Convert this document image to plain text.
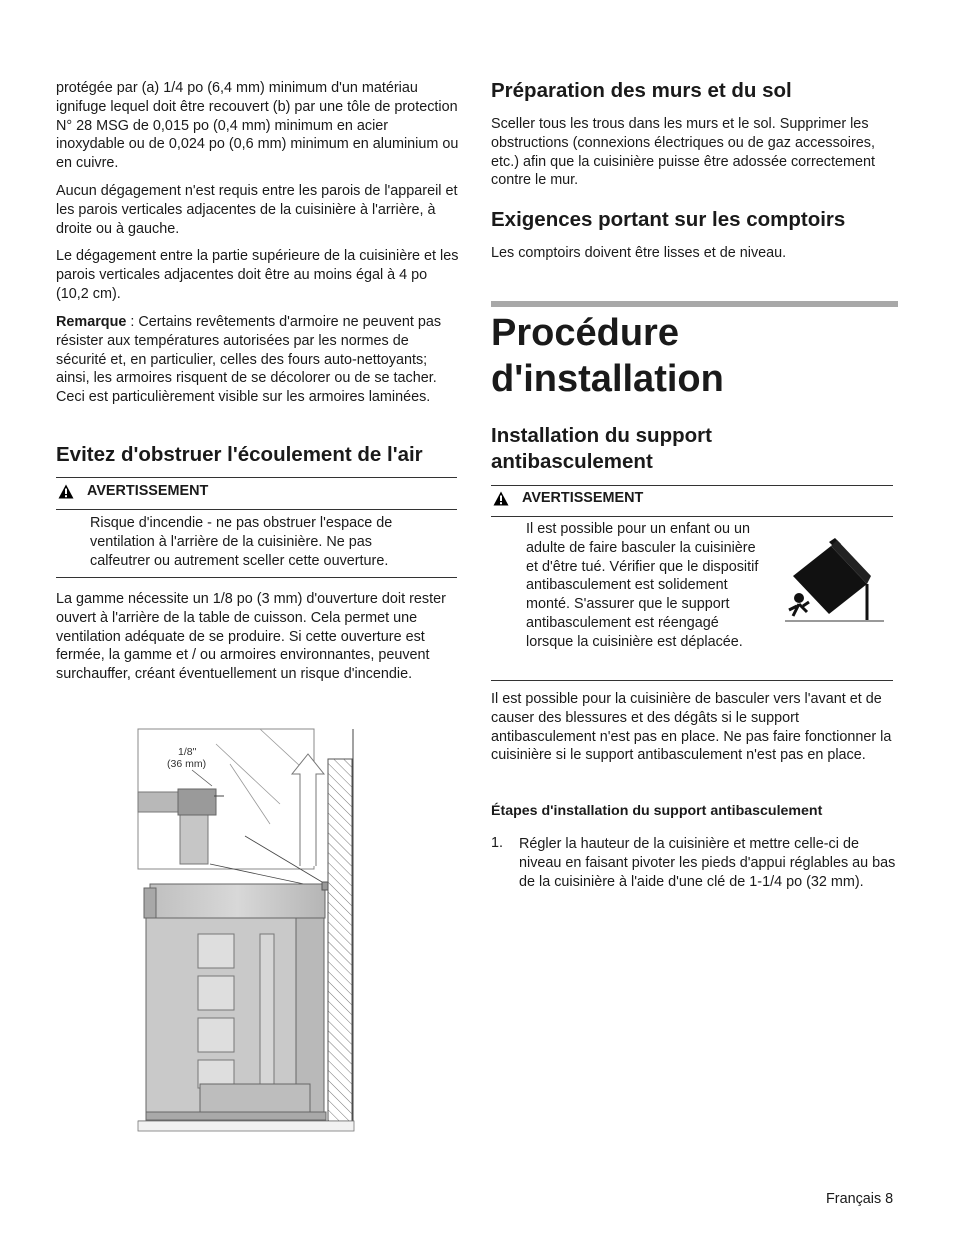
protégée par (a) 1/4 po (6,4 mm) minimum d'un matériau ignifuge lequel doit être recouvert (b) par une tôle de protection N° 28 MSG de 0,015 po (0,4 mm) minimum en acier inoxydable ou de 0,024 po (0,6 mm) minimum en aluminium ou en cuivre.

Aucun dégagement n'est requis entre les parois de l'appareil et les parois verticales adjacentes de la cuisinière à l'arrière, à droite ou à gauche.

Le dégagement entre la partie supérieure de la cuisinière et les parois verticales adjacentes doit être au moins égal à 4 po (10,2 cm).

Remarque : Certains revêtements d'armoire ne peuvent pas résister aux températures autorisées par les normes de sécurité et, en particulier, celles des fours auto-nettoyants; ainsi, les armoires risquent de se décolorer ou de se tacher. Ceci est particulièrement visible sur les armoires laminées.

Evitez d'obstruer l'écoulement de l'air
AVERTISSEMENT

Risque d'incendie - ne pas obstruer l'espace de ventilation à l'arrière de la cuisinière. Ne pas calfeutrer ou autrement sceller cette ouverture.

La gamme nécessite un 1/8 po (3 mm) d'ouverture doit rester ouvert à l'arrière de la table de cuisson. Cela permet une ventilation adéquate de se produire. Si cette ouverture est fermée, la gamme et / ou armoires environnantes, peuvent surchauffer, créant éventuellement un risque d'incendie.

1/8"
(36 mm)
Préparation des murs et du sol

Sceller tous les trous dans les murs et le sol. Supprimer les obstructions (connexions électriques ou de gaz accessoires, etc.) afin que la cuisinière puisse être adossée correctement contre le mur.

Exigences portant sur les comptoirs

Les comptoirs doivent être lisses et de niveau.

Procédure
d'installation
Installation du support
antibasculement
AVERTISSEMENT

Il est possible pour un enfant ou un adulte de faire basculer la cuisinière et d'être tué. Vérifier que le dispositif antibasculement est solidement monté. S'assurer que le support antibasculement est réengagé lorsque la cuisinière est déplacée.

Il est possible pour la cuisinière de basculer vers l'avant et de causer des blessures et des dégâts si le support antibasculement n'est pas en place. Ne pas faire fonctionner la cuisinière si le support antibasculement n'est pas en place.

Étapes d'installation du support antibasculement
1. Régler la hauteur de la cuisinière et mettre celle-ci de niveau en faisant pivoter les pieds d'appui réglables au bas de la cuisinière à l'aide d'une clé de 1-1/4 po (32 mm).

Français 8
